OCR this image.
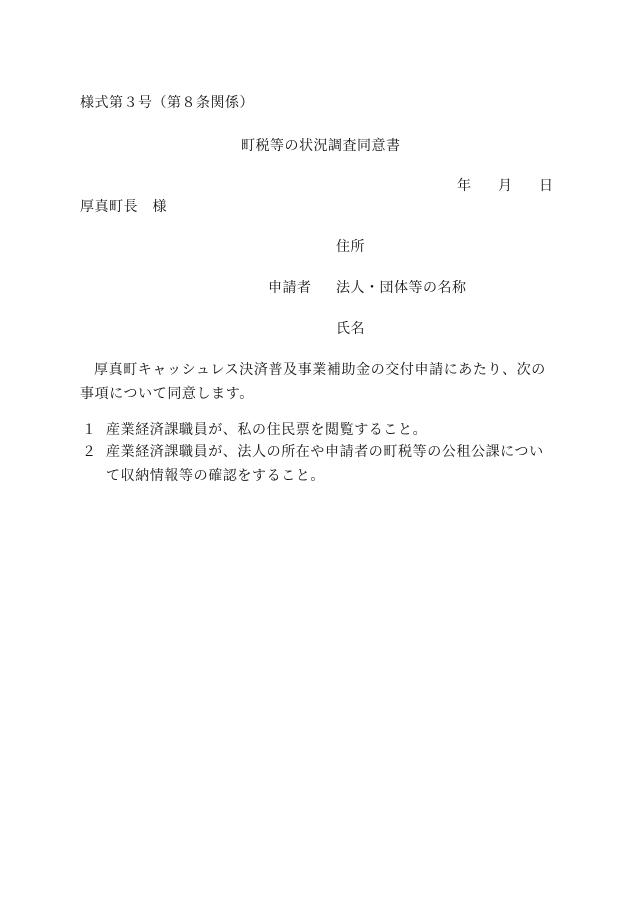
様式第３号（第８条関係）
町税等の状況調査同意書
年 月 日
厚真町長　様
住所
申請者 法人・団体等の名称
氏名
厚真町キャッシュレス決済普及事業補助金の交付申請にあたり、次の事項について同意します。
１ 産業経済課職員が、私の住民票を閲覧すること。
２ 産業経済課職員が、法人の所在や申請者の町税等の公租公課について収納情報等の確認をすること。
